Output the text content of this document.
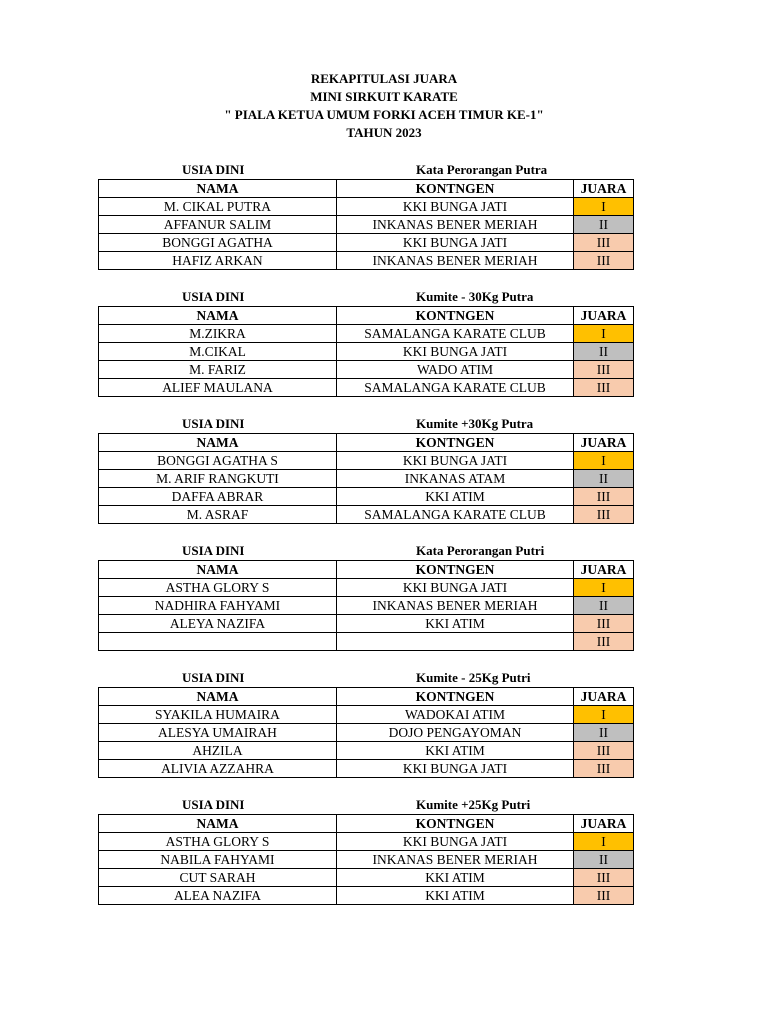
REKAPITULASI JUARA
MINI SIRKUIT KARATE
" PIALA KETUA UMUM FORKI ACEH TIMUR KE-1"
TAHUN 2023
USIA DINI	Kata Perorangan Putra
NAMA	KONTNGEN	JUARA
M. CIKAL PUTRA	KKI BUNGA JATI	I
AFFANUR SALIM	INKANAS BENER MERIAH	II
BONGGI AGATHA	KKI BUNGA JATI	III
HAFIZ ARKAN	INKANAS BENER MERIAH	III
USIA DINI	Kumite - 30Kg Putra
NAMA	KONTNGEN	JUARA
M.ZIKRA	SAMALANGA KARATE CLUB	I
M.CIKAL	KKI BUNGA JATI	II
M. FARIZ	WADO ATIM	III
ALIEF MAULANA	SAMALANGA KARATE CLUB	III
USIA DINI	Kumite +30Kg Putra
NAMA	KONTNGEN	JUARA
BONGGI AGATHA S	KKI BUNGA JATI	I
M. ARIF RANGKUTI	INKANAS ATAM	II
DAFFA ABRAR	KKI ATIM	III
M. ASRAF	SAMALANGA KARATE CLUB	III
USIA DINI	Kata Perorangan Putri
NAMA	KONTNGEN	JUARA
ASTHA GLORY S	KKI BUNGA JATI	I
NADHIRA FAHYAMI	INKANAS BENER MERIAH	II
ALEYA NAZIFA	KKI ATIM	III
		III
USIA DINI	Kumite - 25Kg Putri
NAMA	KONTNGEN	JUARA
SYAKILA HUMAIRA	WADOKAI ATIM	I
ALESYA UMAIRAH	DOJO PENGAYOMAN	II
AHZILA	KKI ATIM	III
ALIVIA AZZAHRA	KKI BUNGA JATI	III
USIA DINI	Kumite +25Kg Putri
NAMA	KONTNGEN	JUARA
ASTHA GLORY S	KKI BUNGA JATI	I
NABILA FAHYAMI	INKANAS BENER MERIAH	II
CUT SARAH	KKI ATIM	III
ALEA NAZIFA	KKI ATIM	III
